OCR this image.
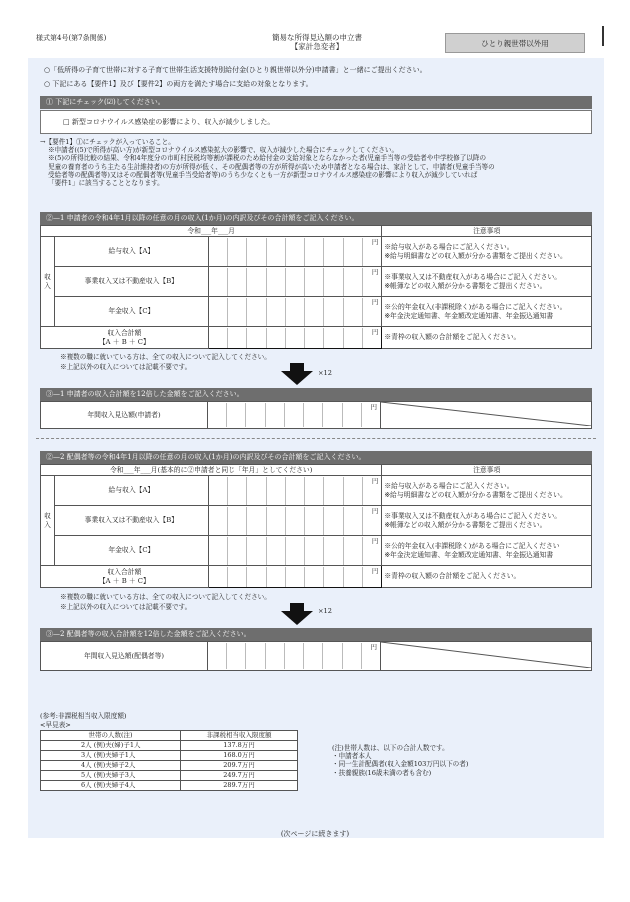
様式第4号(第7条関係)	簡易な所得見込額の申立書
【家計急変者】	ひとり親世帯以外用
○「低所得の子育て世帯に対する子育て世帯生活支援特別給付金(ひとり親世帯以外分)申請書」と一緒にご提出ください。
○ 下記にある【要件1】及び【要件2】の両方を満たす場合に支給の対象となります。
① 下記にチェック(☑)してください。
□ 新型コロナウイルス感染症の影響により、収入が減少しました。
→【要件1】①にチェックが入っていること。
※申請者((5)で所得が高い方)が新型コロナウイルス感染拡大の影響で、収入が減少した場合にチェックしてください。
※(5)の所得比較の結果、令和4年度分の市町村民税均等割が課税のため給付金の支給対象とならなかった者(児童手当等の受給者や中学校修了以降の
児童の養育者のうち主たる生計維持者)の方が所得が低く、その配偶者等の方が所得が高いため申請者となる場合は、家計として、申請者(児童手当等の
受給者等の配偶者等)又はその配偶者等(児童手当受給者等)のうち少なくとも一方が新型コロナウイルス感染症の影響により収入が減少していれば
「要件1」に該当することとなります。
②—1 申請者の令和4年1月以降の任意の月の収入(1か月)の内訳及びその合計額をご記入ください。
令和___年___月			注意事項
収入	給与収入【A】	円	※給与収入がある場合にご記入ください。
※給与明細書などの収入額が分かる書類をご提出ください。
	事業収入又は不動産収入【B】	円	※事業収入又は不動産収入がある場合にご記入ください。
※帳簿などの収入額が分かる書類をご提出ください。
	年金収入【C】	円	※公的年金収入(非課税除く)がある場合にご記入ください。
※年金決定通知書、年金額改定通知書、年金振込通知書
収入合計額
【A ＋ B ＋ C】		円	※青枠の収入額の合計額をご記入ください。
※複数の職に就いている方は、全ての収入について記入してください。
※上記以外の収入については記載不要です。
×12
③—1 申請者の収入合計額を12倍した金額をご記入ください。
年間収入見込額(申請者)	
円

②—2 配偶者等の令和4年1月以降の任意の月の収入(1か月)の内訳及びその合計額をご記入ください。
令和___年___月(基本的に②申請者と同じ「年月」としてください)			注意事項
収入	給与収入【A】	円	※給与収入がある場合にご記入ください。
※給与明細書などの収入額が分かる書類をご提出ください。
	事業収入又は不動産収入【B】	円	※事業収入又は不動産収入がある場合にご記入ください。
※帳簿などの収入額が分かる書類をご提出ください。
	年金収入【C】	円	※公的年金収入(非課税除く)がある場合にご記入ください
※年金決定通知書、年金額改定通知書、年金振込通知書
収入合計額
【A ＋ B ＋ C】		円	※青枠の収入額の合計額をご記入ください。
※複数の職に就いている方は、全ての収入について記入してください。
※上記以外の収入については記載不要です。	×12
③—2 配偶者等の収入合計額を12倍した金額をご記入ください。
年間収入見込額(配偶者等)	
円

(参考:非課税相当収入限度額)
<早見表>
世帯の人数(注)	非課税相当収入限度額
2人 (例)夫(婦)子1人	137.8万円
3人 (例)夫婦子1人	168.0万円
4人 (例)夫婦子2人	209.7万円
5人 (例)夫婦子3人	249.7万円
6人 (例)夫婦子4人	289.7万円
(注)世帯人数は、以下の合計人数です。
・申請者本人
・同一生計配偶者(収入金額103万円以下の者)
・扶養親族(16歳未満の者も含む)
(次ページに続きます)
